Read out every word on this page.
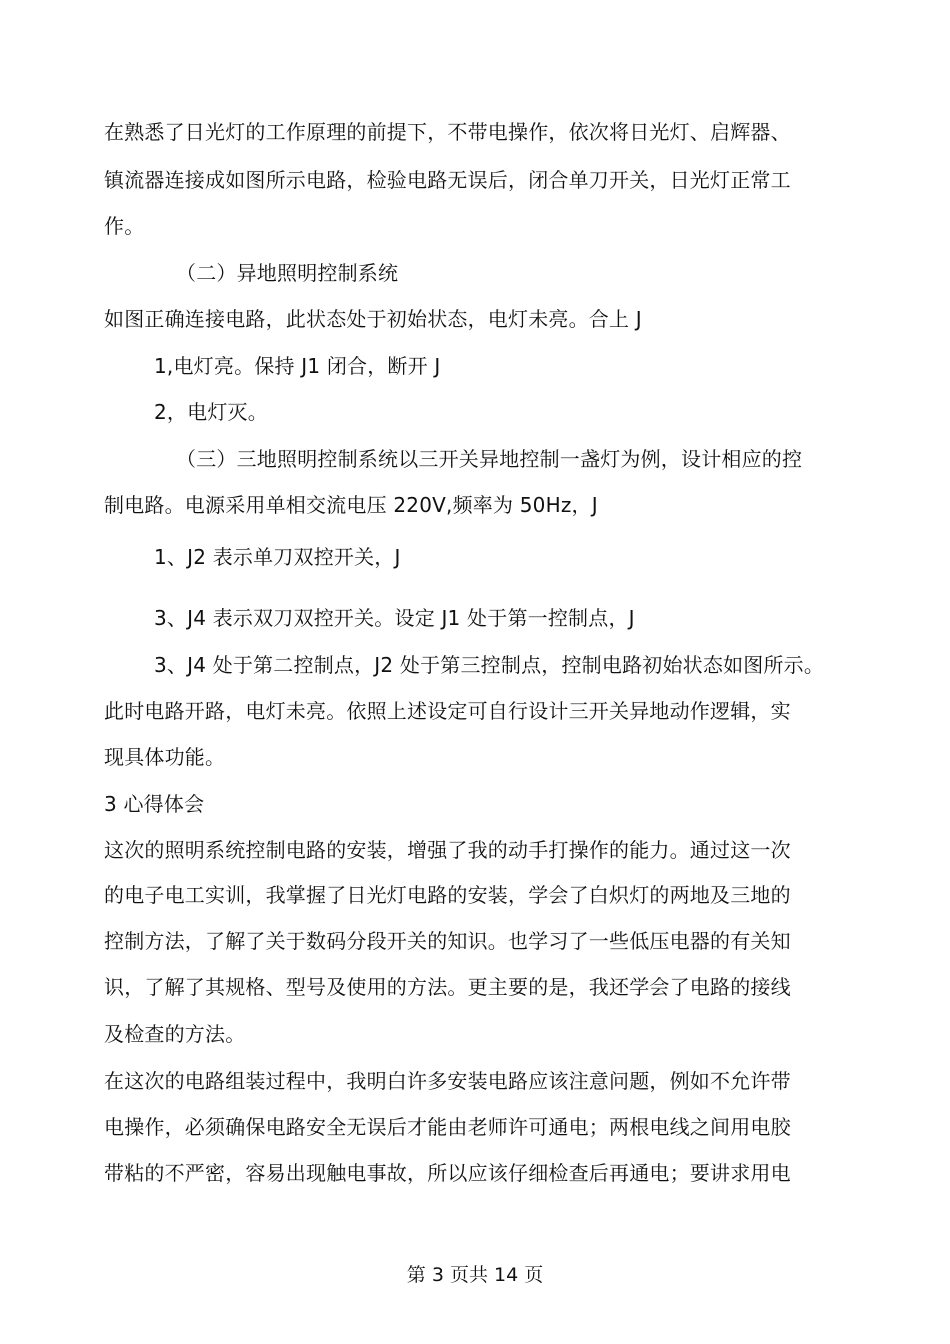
在熟悉了日光灯的工作原理的前提下，不带电操作，依次将日光灯、启辉器、
镇流器连接成如图所示电路，检验电路无误后，闭合单刀开关，日光灯正常工
作。
（二）异地照明控制系统
如图正确连接电路，此状态处于初始状态，电灯未亮。合上 J
1,电灯亮。保持 J1 闭合，断开 J
2，电灯灭。
（三）三地照明控制系统以三开关异地控制一盏灯为例，设计相应的控
制电路。电源采用单相交流电压 220V,频率为 50Hz，J
1、J2 表示单刀双控开关，J
3、J4 表示双刀双控开关。设定 J1 处于第一控制点，J
3、J4 处于第二控制点，J2 处于第三控制点，控制电路初始状态如图所示。
此时电路开路，电灯未亮。依照上述设定可自行设计三开关异地动作逻辑，实
现具体功能。
3 心得体会
这次的照明系统控制电路的安装，增强了我的动手打操作的能力。通过这一次
的电子电工实训，我掌握了日光灯电路的安装，学会了白炽灯的两地及三地的
控制方法，了解了关于数码分段开关的知识。也学习了一些低压电器的有关知
识，了解了其规格、型号及使用的方法。更主要的是，我还学会了电路的接线
及检查的方法。
在这次的电路组装过程中，我明白许多安装电路应该注意问题，例如不允许带
电操作，必须确保电路安全无误后才能由老师许可通电；两根电线之间用电胶
带粘的不严密，容易出现触电事故，所以应该仔细检查后再通电；要讲求用电
第 3 页共 14 页
